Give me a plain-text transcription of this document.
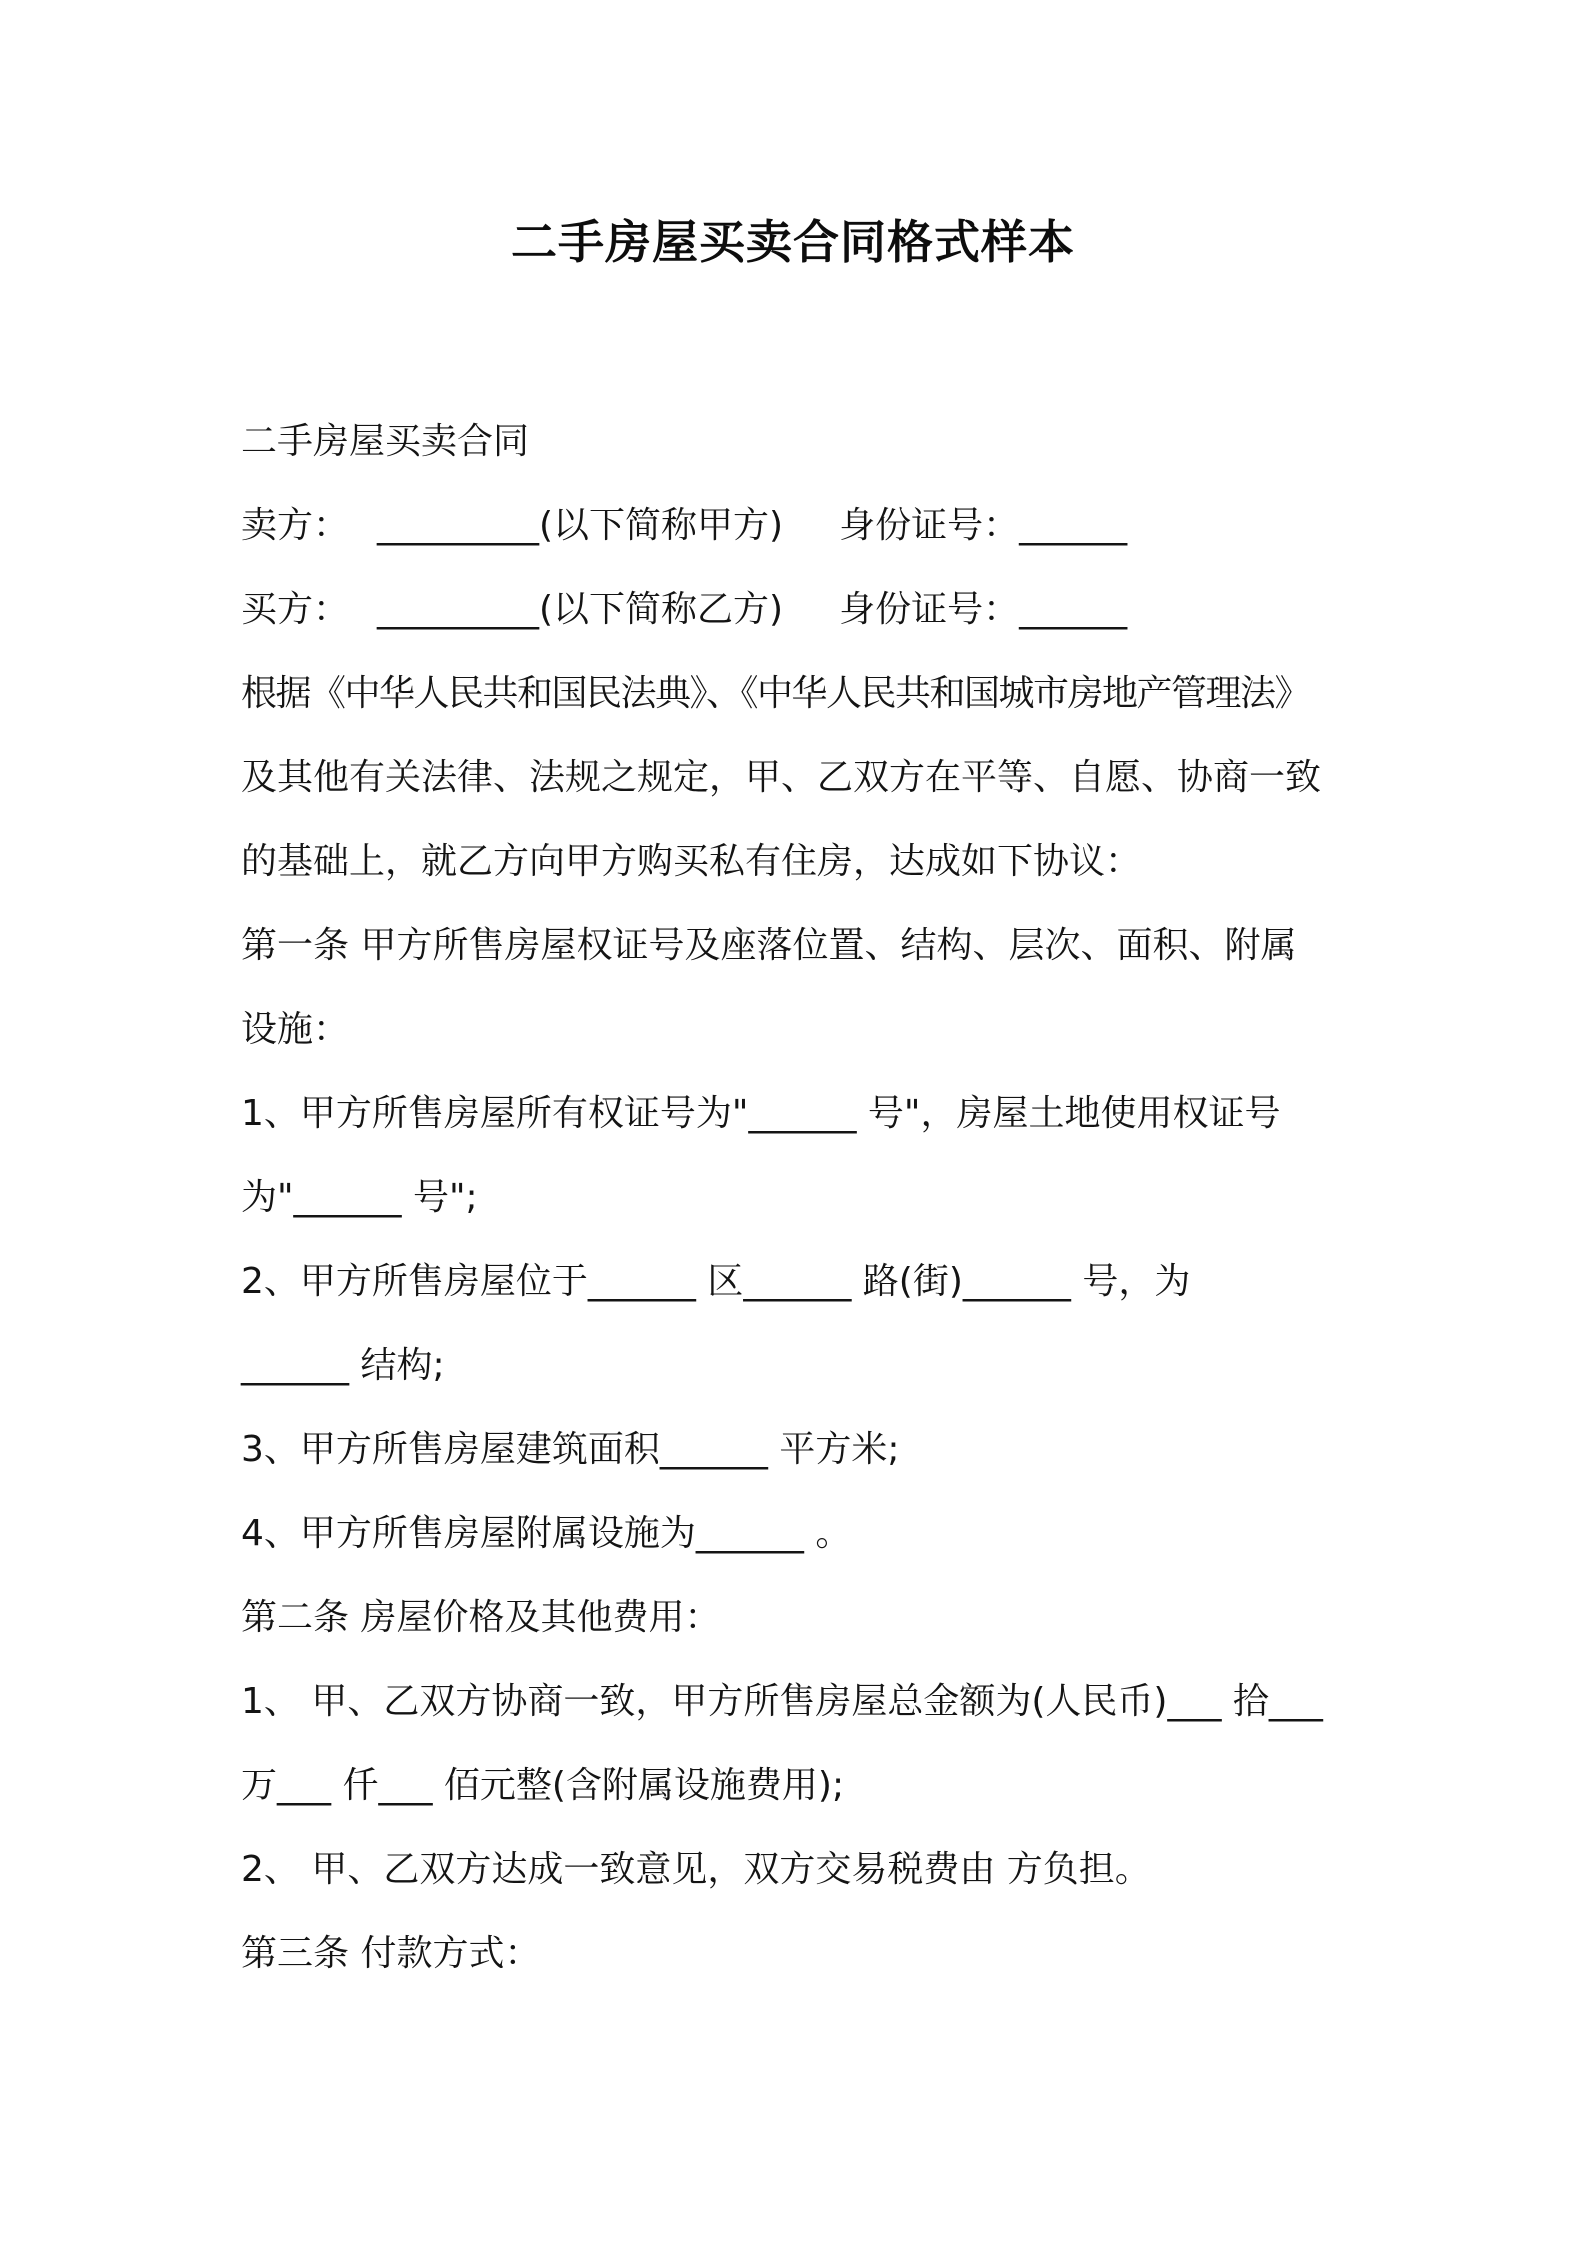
二手房屋买卖合同格式样本
二手房屋买卖合同
卖方： _________(以下简称甲方) 身份证号：______
买方： _________(以下简称乙方) 身份证号：______
根据《中华人民共和国民法典》、《中华人民共和国城市房地产管理法》
及其他有关法律、法规之规定，甲、乙双方在平等、自愿、协商一致
的基础上，就乙方向甲方购买私有住房，达成如下协议：
第一条 甲方所售房屋权证号及座落位置、结构、层次、面积、附属
设施：
1、甲方所售房屋所有权证号为"______ 号"，房屋土地使用权证号
为"______ 号";
2、甲方所售房屋位于______ 区______ 路(街)______ 号，为
______ 结构;
3、甲方所售房屋建筑面积______ 平方米;
4、甲方所售房屋附属设施为______ 。
第二条 房屋价格及其他费用：
1、 甲、乙双方协商一致，甲方所售房屋总金额为(人民币)___ 拾___
万___ 仟___ 佰元整(含附属设施费用);
2、 甲、乙双方达成一致意见，双方交易税费由 方负担。
第三条 付款方式：
